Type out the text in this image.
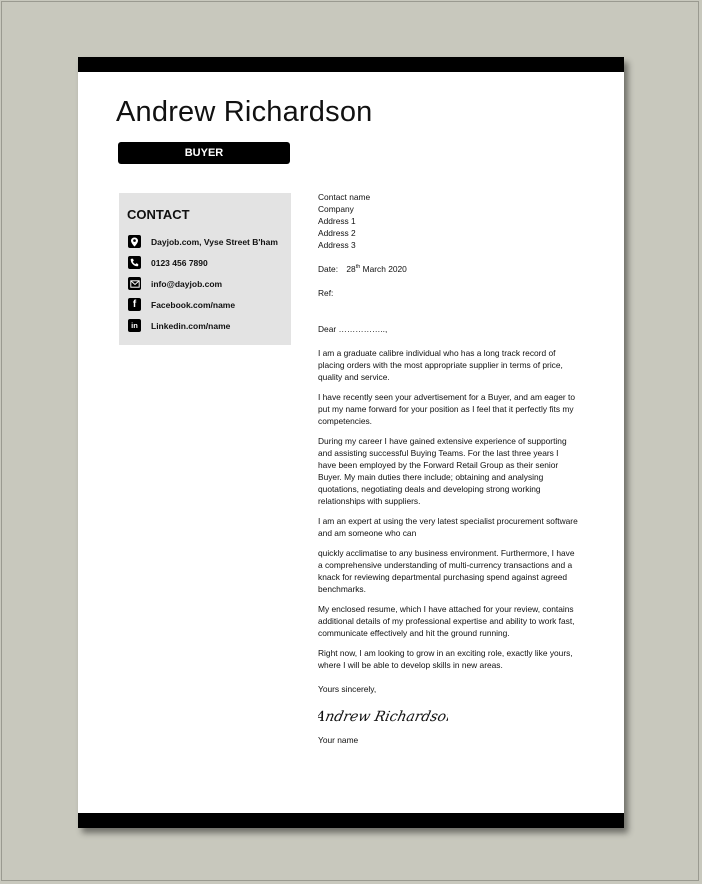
Andrew Richardson
BUYER
CONTACT
Dayjob.com, Vyse Street B'ham
0123 456 7890
info@dayjob.com
f Facebook.com/name
in Linkedin.com/name
Contact name
Company
Address 1
Address 2
Address 3
Date: 28th March 2020
Ref:
Dear ……………..,
I am a graduate calibre individual who has a long track record of placing orders with the most appropriate supplier in terms of price, quality and service.
I have recently seen your advertisement for a Buyer, and am eager to put my name forward for your position as I feel that it perfectly fits my competencies.
During my career I have gained extensive experience of supporting and assisting successful Buying Teams. For the last three years I have been employed by the Forward Retail Group as their senior Buyer. My main duties there include; obtaining and analysing quotations, negotiating deals and developing strong working relationships with suppliers.
I am an expert at using the very latest specialist procurement software and am someone who can
quickly acclimatise to any business environment. Furthermore, I have a comprehensive understanding of multi-currency transactions and a knack for reviewing departmental purchasing spend against agreed benchmarks.
My enclosed resume, which I have attached for your review, contains additional details of my professional expertise and ability to work fast, communicate effectively and hit the ground running.
Right now, I am looking to grow in an exciting role, exactly like yours, where I will be able to develop skills in new areas.
Yours sincerely,
Andrew Richardson
Your name
